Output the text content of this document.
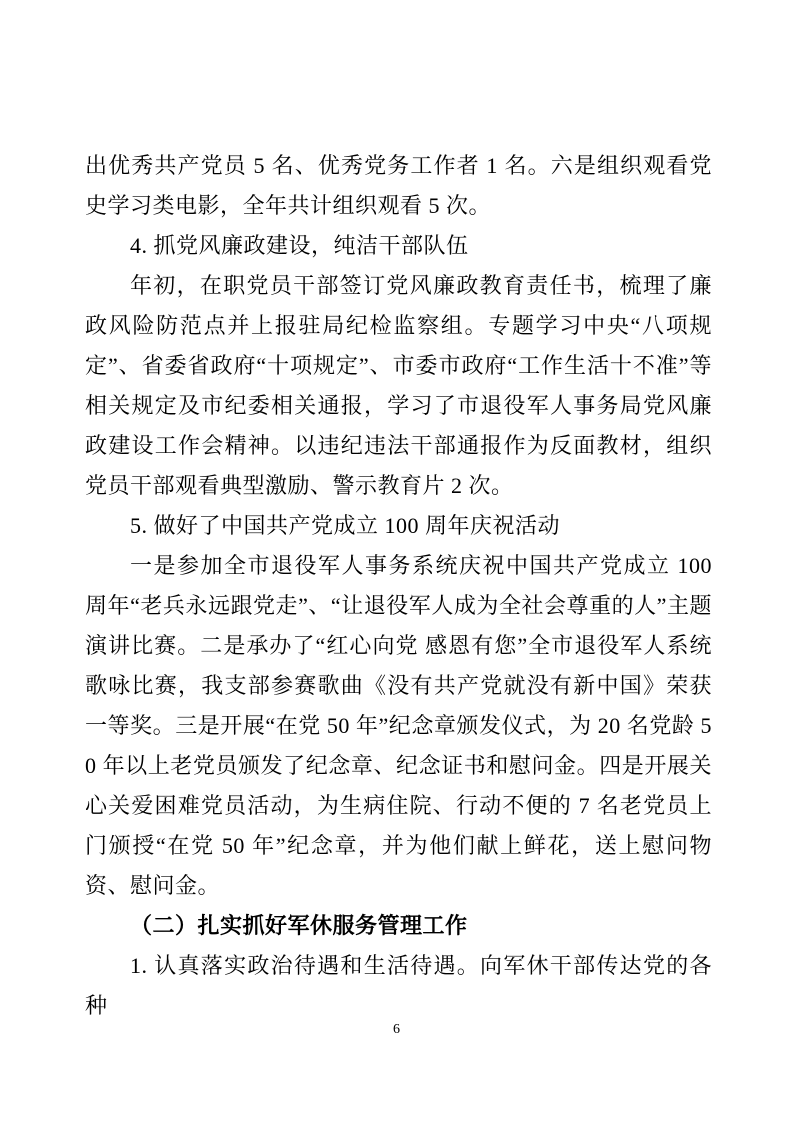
出优秀共产党员 5 名、优秀党务工作者 1 名。六是组织观看党史学习类电影，全年共计组织观看 5 次。

4. 抓党风廉政建设，纯洁干部队伍

年初，在职党员干部签订党风廉政教育责任书，梳理了廉政风险防范点并上报驻局纪检监察组。专题学习中央“八项规定”、省委省政府“十项规定”、市委市政府“工作生活十不准”等相关规定及市纪委相关通报，学习了市退役军人事务局党风廉政建设工作会精神。以违纪违法干部通报作为反面教材，组织党员干部观看典型激励、警示教育片 2 次。

5. 做好了中国共产党成立 100 周年庆祝活动

一是参加全市退役军人事务系统庆祝中国共产党成立 100 周年“老兵永远跟党走”、“让退役军人成为全社会尊重的人”主题演讲比赛。二是承办了“红心向党 感恩有您”全市退役军人系统歌咏比赛，我支部参赛歌曲《没有共产党就没有新中国》荣获一等奖。三是开展“在党 50 年”纪念章颁发仪式，为 20 名党龄 50 年以上老党员颁发了纪念章、纪念证书和慰问金。四是开展关心关爱困难党员活动，为生病住院、行动不便的 7 名老党员上门颁授“在党 50 年”纪念章，并为他们献上鲜花，送上慰问物资、慰问金。

（二）扎实抓好军休服务管理工作

1. 认真落实政治待遇和生活待遇。向军休干部传达党的各种

6
